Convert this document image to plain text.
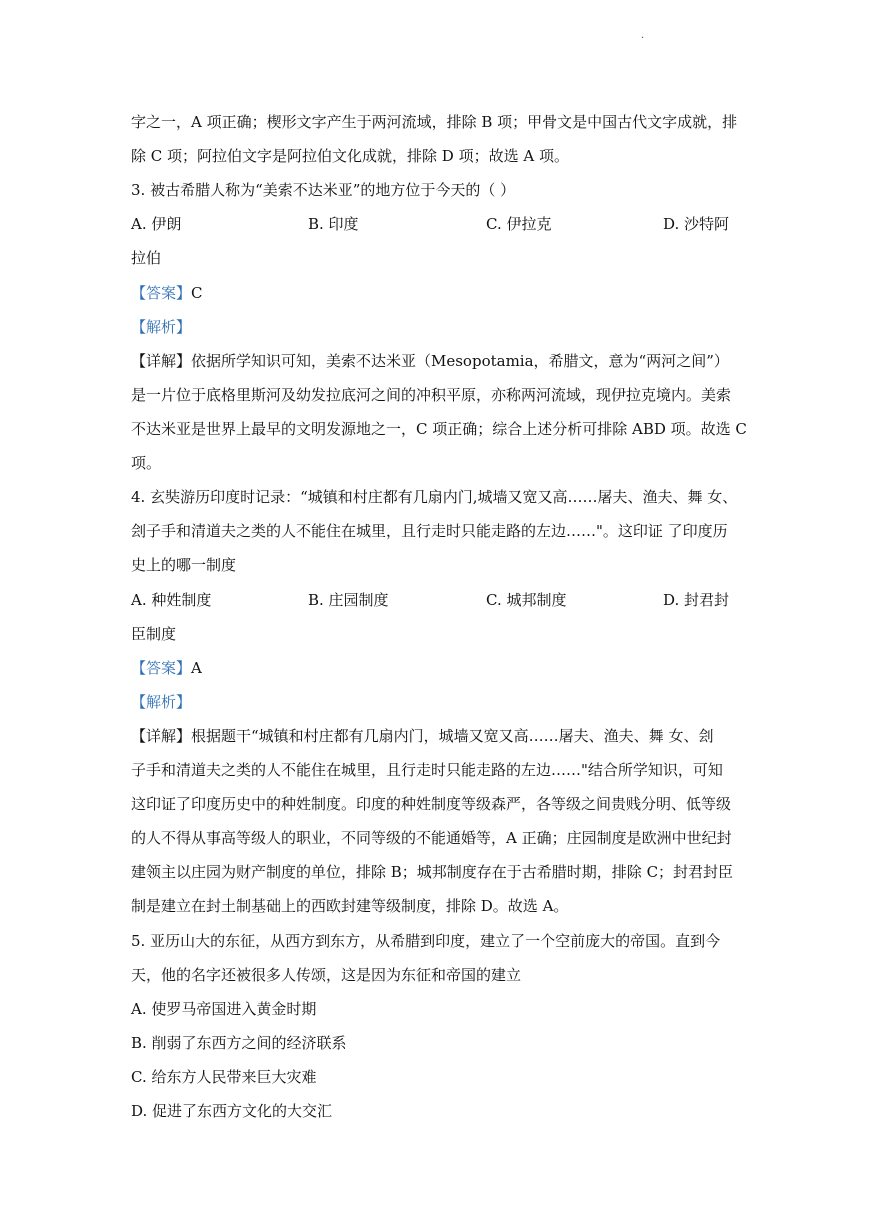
.
字之一，A 项正确；楔形文字产生于两河流域，排除 B 项；甲骨文是中国古代文字成就，排
除 C 项；阿拉伯文字是阿拉伯文化成就，排除 D 项；故选 A 项。
3. 被古希腊人称为“美索不达米亚”的地方位于今天的（ ）
A. 伊朗	B. 印度	C. 伊拉克	D. 沙特阿
拉伯
【答案】C
【解析】
【详解】依据所学知识可知，美索不达米亚（Mesopotamia，希腊文，意为“两河之间”）
是一片位于底格里斯河及幼发拉底河之间的冲积平原，亦称两河流域，现伊拉克境内。美索
不达米亚是世界上最早的文明发源地之一，C 项正确；综合上述分析可排除 ABD 项。故选 C
项。
4. 玄奘游历印度时记录：“城镇和村庄都有几扇内门,城墙又宽又高……屠夫、渔夫、舞 女、
刽子手和清道夫之类的人不能住在城里，且行走时只能走路的左边……"。这印证 了印度历
史上的哪一制度
A. 种姓制度	B. 庄园制度	C. 城邦制度	D. 封君封
臣制度
【答案】A
【解析】
【详解】根据题干“城镇和村庄都有几扇内门，城墙又宽又高……屠夫、渔夫、舞 女、刽
子手和清道夫之类的人不能住在城里，且行走时只能走路的左边……"结合所学知识，可知
这印证了印度历史中的种姓制度。印度的种姓制度等级森严，各等级之间贵贱分明、低等级
的人不得从事高等级人的职业，不同等级的不能通婚等，A 正确；庄园制度是欧洲中世纪封
建领主以庄园为财产制度的单位，排除 B；城邦制度存在于古希腊时期，排除 C；封君封臣
制是建立在封土制基础上的西欧封建等级制度，排除 D。故选 A。
5. 亚历山大的东征，从西方到东方，从希腊到印度，建立了一个空前庞大的帝国。直到今
天，他的名字还被很多人传颂，这是因为东征和帝国的建立
A. 使罗马帝国进入黄金时期
B. 削弱了东西方之间的经济联系
C. 给东方人民带来巨大灾难
D. 促进了东西方文化的大交汇
